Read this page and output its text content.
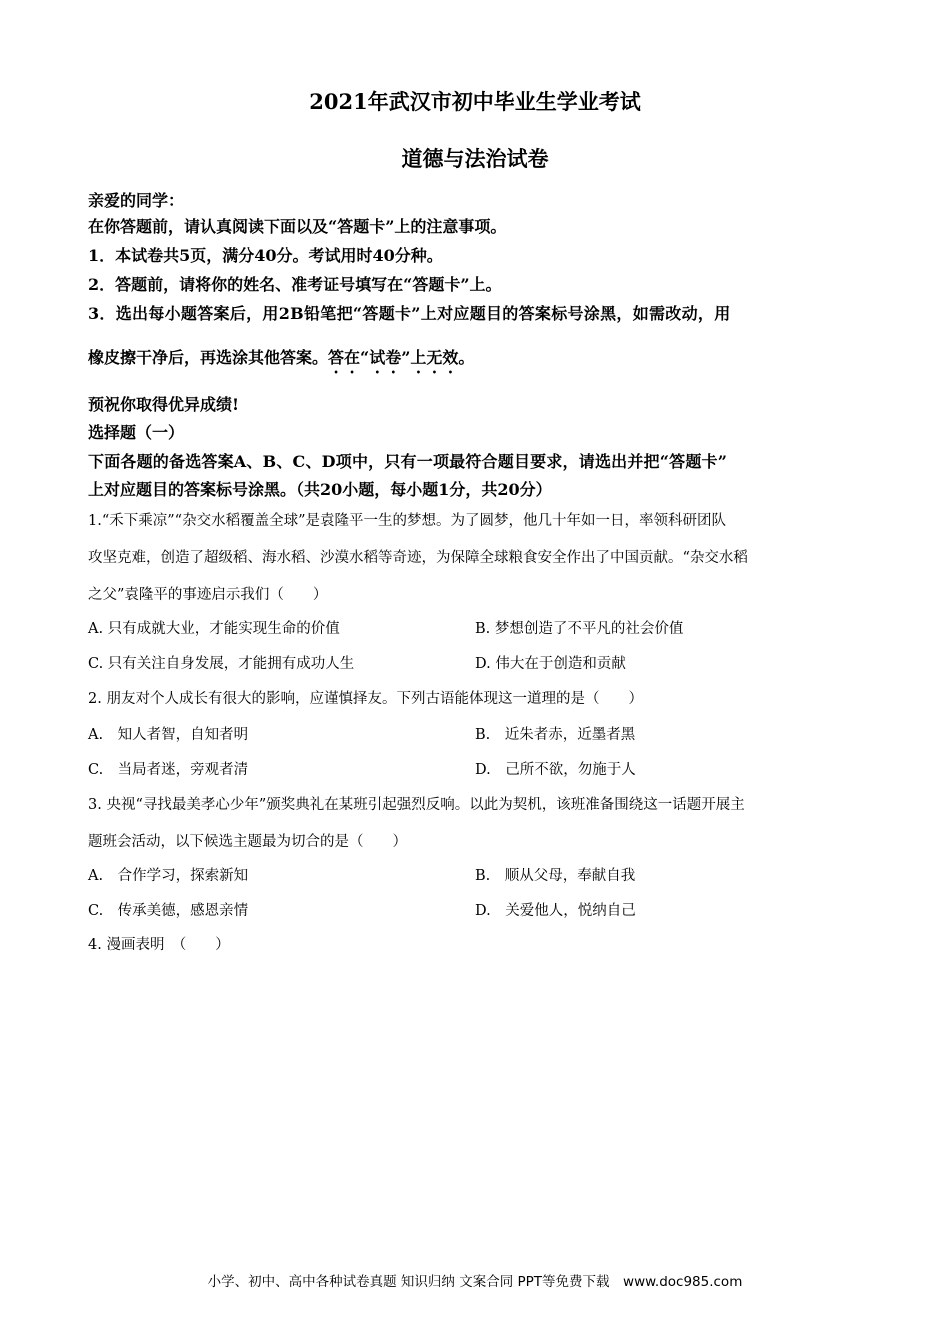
2021年武汉市初中毕业生学业考试
道德与法治试卷
亲爱的同学：
在你答题前，请认真阅读下面以及“答题卡”上的注意事项。
1．本试卷共5页，满分40分。考试用时40分种。
2．答题前，请将你的姓名、准考证号填写在“答题卡”上。
3．选出每小题答案后，用2B铅笔把“答题卡”上对应题目的答案标号涂黑，如需改动，用
橡皮擦干净后，再选涂其他答案。答在“试卷”上无效。
预祝你取得优异成绩!
选择题（一）
下面各题的备选答案A、B、C、D项中，只有一项最符合题目要求，请选出并把“答题卡”
上对应题目的答案标号涂黑。（共20小题，每小题1分，共20分）
1.“禾下乘凉”“杂交水稻覆盖全球”是袁隆平一生的梦想。为了圆梦，他几十年如一日，率领科研团队
攻坚克难，创造了超级稻、海水稻、沙漠水稻等奇迹，为保障全球粮食安全作出了中国贡献。“杂交水稻
之父”袁隆平的事迹启示我们（　　）
A. 只有成就大业，才能实现生命的价值	B. 梦想创造了不平凡的社会价值
C. 只有关注自身发展，才能拥有成功人生	D. 伟大在于创造和贡献
2. 朋友对个人成长有很大的影响，应谨慎择友。下列古语能体现这一道理的是（　　）
A.　知人者智，自知者明	B.　近朱者赤，近墨者黑
C.　当局者迷，旁观者清	D.　己所不欲，勿施于人
3. 央视“寻找最美孝心少年”颁奖典礼在某班引起强烈反响。以此为契机，该班准备围绕这一话题开展主
题班会活动，以下候选主题最为切合的是（　　）
A.　合作学习，探索新知	B.　顺从父母，奉献自我
C.　传承美德，感恩亲情	D.　关爱他人，悦纳自己
4. 漫画表明　（　　）
小学、初中、高中各种试卷真题 知识归纳 文案合同 PPT等免费下载　www.doc985.com
